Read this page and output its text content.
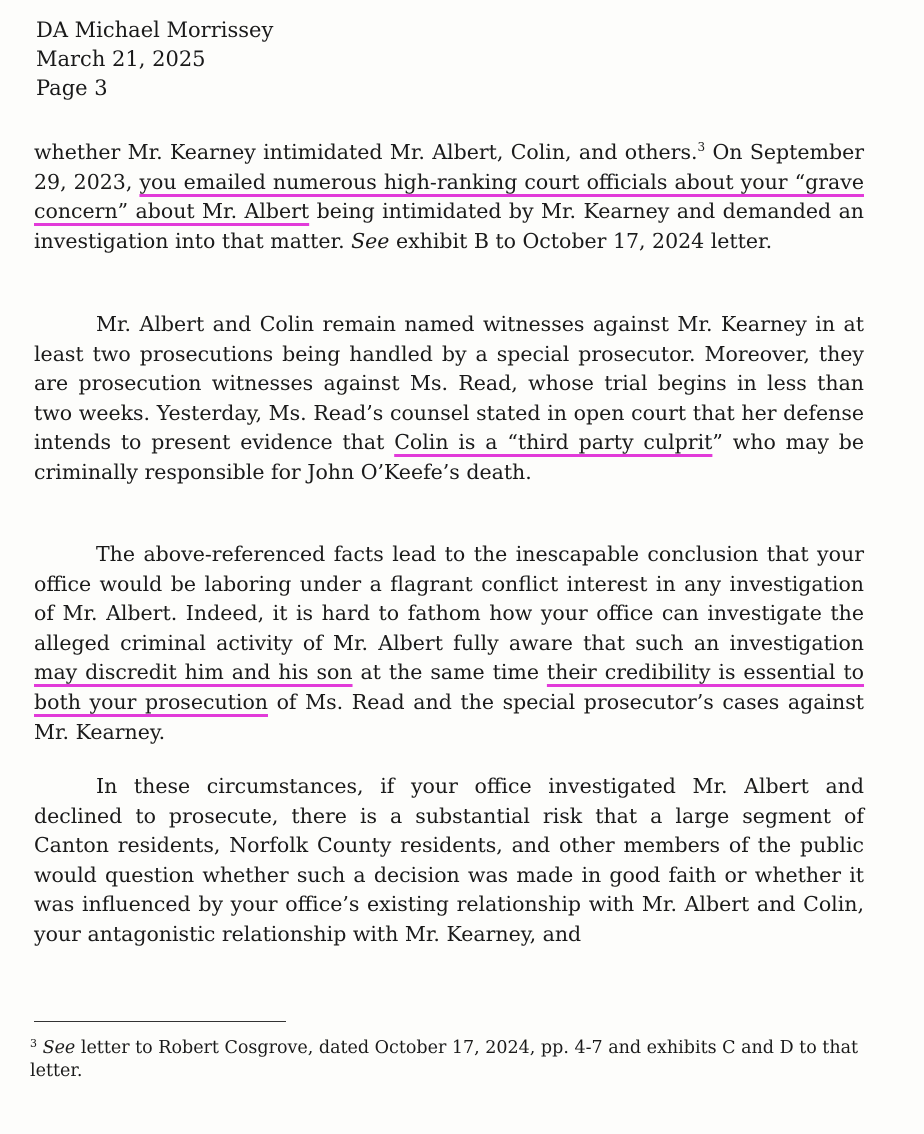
DA Michael Morrissey
March 21, 2025
Page 3

whether Mr. Kearney intimidated Mr. Albert, Colin, and others.$^3$ On September 29, 2023, you emailed numerous high-ranking court officials about your “grave concern” about Mr. Albert being intimidated by Mr. Kearney and demanded an investigation into that matter. See exhibit B to October 17, 2024 letter.

Mr. Albert and Colin remain named witnesses against Mr. Kearney in at least two prosecutions being handled by a special prosecutor. Moreover, they are prosecution witnesses against Ms. Read, whose trial begins in less than two weeks. Yesterday, Ms. Read’s counsel stated in open court that her defense intends to present evidence that Colin is a “third party culprit” who may be criminally responsible for John O’Keefe’s death.

The above-referenced facts lead to the inescapable conclusion that your office would be laboring under a flagrant conflict interest in any investigation of Mr. Albert. Indeed, it is hard to fathom how your office can investigate the alleged criminal activity of Mr. Albert fully aware that such an investigation may discredit him and his son at the same time their credibility is essential to both your prosecution of Ms. Read and the special prosecutor’s cases against Mr. Kearney.

In these circumstances, if your office investigated Mr. Albert and declined to prosecute, there is a substantial risk that a large segment of Canton residents, Norfolk County residents, and other members of the public would question whether such a decision was made in good faith or whether it was influenced by your office’s existing relationship with Mr. Albert and Colin, your antagonistic relationship with Mr. Kearney, and

$^3$ See letter to Robert Cosgrove, dated October 17, 2024, pp. 4-7 and exhibits C and D to that letter.
